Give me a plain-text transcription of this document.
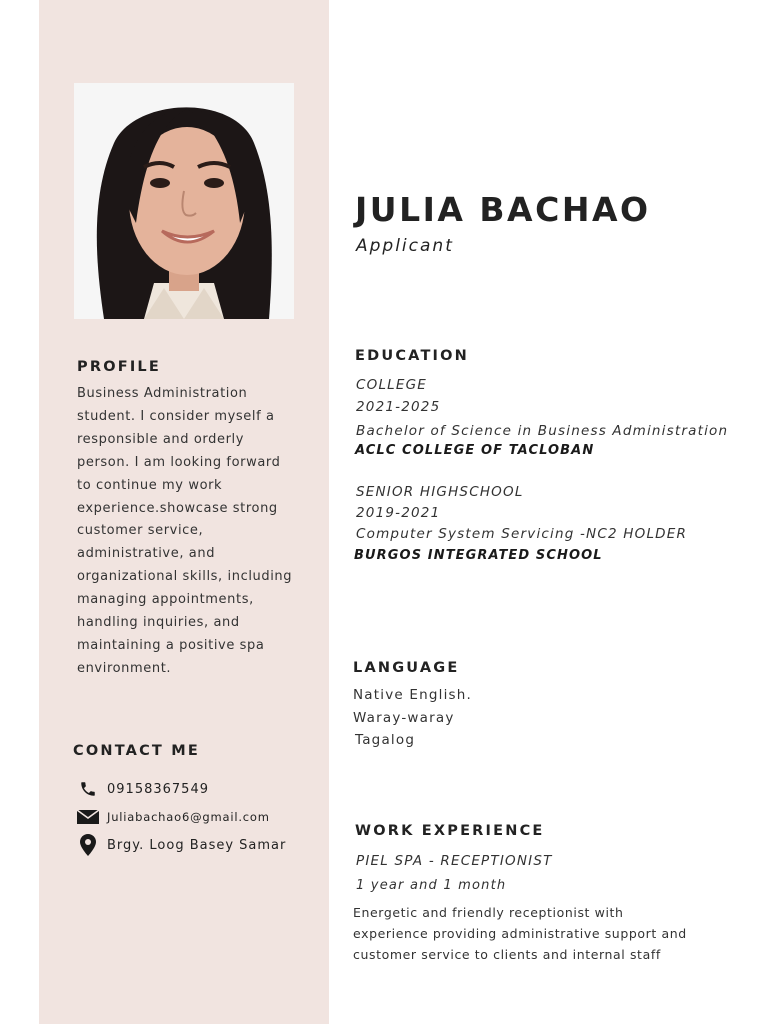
JULIA BACHAO
Applicant
PROFILE
Business Administration
student. I consider myself a
responsible and orderly
person. I am looking forward
to continue my work
experience.showcase strong
customer service,
administrative, and
organizational skills, including
managing appointments,
handling inquiries, and
maintaining a positive spa
environment.
CONTACT ME
09158367549
Juliabachao6@gmail.com
Brgy. Loog Basey Samar
EDUCATION
COLLEGE
2021-2025
Bachelor of Science in Business Administration
ACLC COLLEGE OF TACLOBAN
SENIOR HIGHSCHOOL
2019-2021
Computer System Servicing -NC2 HOLDER
BURGOS INTEGRATED SCHOOL
LANGUAGE
Native English.
Waray-waray
Tagalog
WORK EXPERIENCE
PIEL SPA - RECEPTIONIST
1 year and 1 month
Energetic and friendly receptionist with
experience providing administrative support and
customer service to clients and internal staff
